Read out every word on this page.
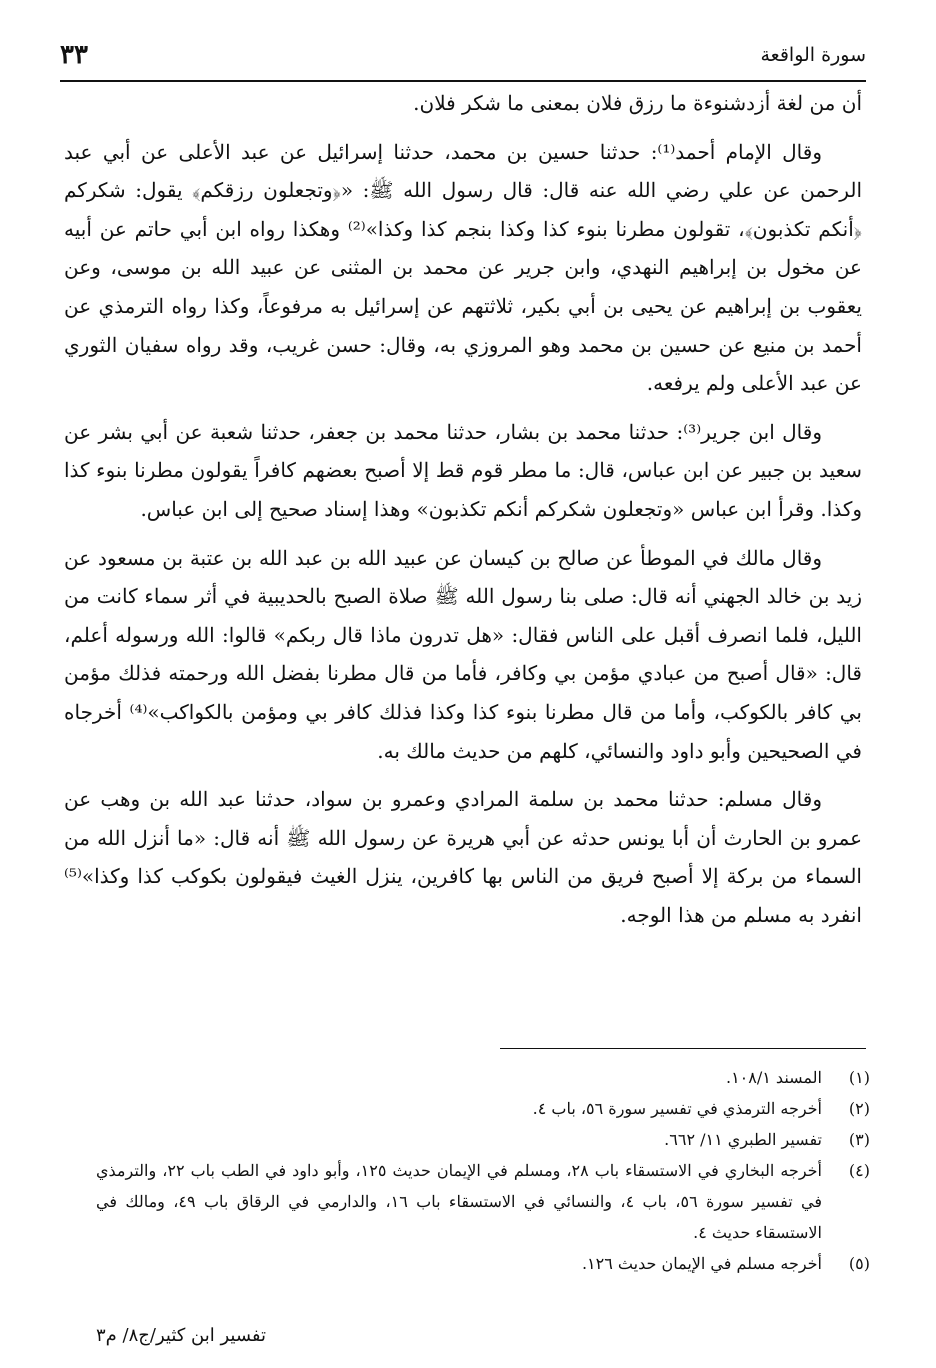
سورة الواقعة
٣٣

أن من لغة أزدشنوءة ما رزق فلان بمعنى ما شكر فلان.

وقال الإمام أحمد⁽¹⁾: حدثنا حسين بن محمد، حدثنا إسرائيل عن عبد الأعلى عن أبي عبد الرحمن عن علي رضي الله عنه قال: قال رسول الله ﷺ: «﴿وتجعلون رزقكم﴾ يقول: شكركم ﴿أنكم تكذبون﴾، تقولون مطرنا بنوء كذا وكذا بنجم كذا وكذا»⁽²⁾ وهكذا رواه ابن أبي حاتم عن أبيه عن مخول بن إبراهيم النهدي، وابن جرير عن محمد بن المثنى عن عبيد الله بن موسى، وعن يعقوب بن إبراهيم عن يحيى بن أبي بكير، ثلاثتهم عن إسرائيل به مرفوعاً، وكذا رواه الترمذي عن أحمد بن منيع عن حسين بن محمد وهو المروزي به، وقال: حسن غريب، وقد رواه سفيان الثوري عن عبد الأعلى ولم يرفعه.

وقال ابن جرير⁽³⁾: حدثنا محمد بن بشار، حدثنا محمد بن جعفر، حدثنا شعبة عن أبي بشر عن سعيد بن جبير عن ابن عباس، قال: ما مطر قوم قط إلا أصبح بعضهم كافراً يقولون مطرنا بنوء كذا وكذا. وقرأ ابن عباس «وتجعلون شكركم أنكم تكذبون» وهذا إسناد صحيح إلى ابن عباس.

وقال مالك في الموطأ عن صالح بن كيسان عن عبيد الله بن عبد الله بن عتبة بن مسعود عن زيد بن خالد الجهني أنه قال: صلى بنا رسول الله ﷺ صلاة الصبح بالحديبية في أثر سماء كانت من الليل، فلما انصرف أقبل على الناس فقال: «هل تدرون ماذا قال ربكم» قالوا: الله ورسوله أعلم، قال: «قال أصبح من عبادي مؤمن بي وكافر، فأما من قال مطرنا بفضل الله ورحمته فذلك مؤمن بي كافر بالكوكب، وأما من قال مطرنا بنوء كذا وكذا فذلك كافر بي ومؤمن بالكواكب»⁽⁴⁾ أخرجاه في الصحيحين وأبو داود والنسائي، كلهم من حديث مالك به.

وقال مسلم: حدثنا محمد بن سلمة المرادي وعمرو بن سواد، حدثنا عبد الله بن وهب عن عمرو بن الحارث أن أبا يونس حدثه عن أبي هريرة عن رسول الله ﷺ أنه قال: «ما أنزل الله من السماء من بركة إلا أصبح فريق من الناس بها كافرين، ينزل الغيث فيقولون بكوكب كذا وكذا»⁽⁵⁾ انفرد به مسلم من هذا الوجه.

(١)
المسند ١٠٨/١.
(٢)
أخرجه الترمذي في تفسير سورة ٥٦، باب ٤.
(٣)
تفسير الطبري ١١/ ٦٦٢.
(٤)
أخرجه البخاري في الاستسقاء باب ٢٨، ومسلم في الإيمان حديث ١٢٥، وأبو داود في الطب باب ٢٢، والترمذي في تفسير سورة ٥٦، باب ٤، والنسائي في الاستسقاء باب ١٦، والدارمي في الرقاق باب ٤٩، ومالك في الاستسقاء حديث ٤.
(٥)
أخرجه مسلم في الإيمان حديث ١٢٦.
تفسير ابن كثير/ج٨/ م٣
